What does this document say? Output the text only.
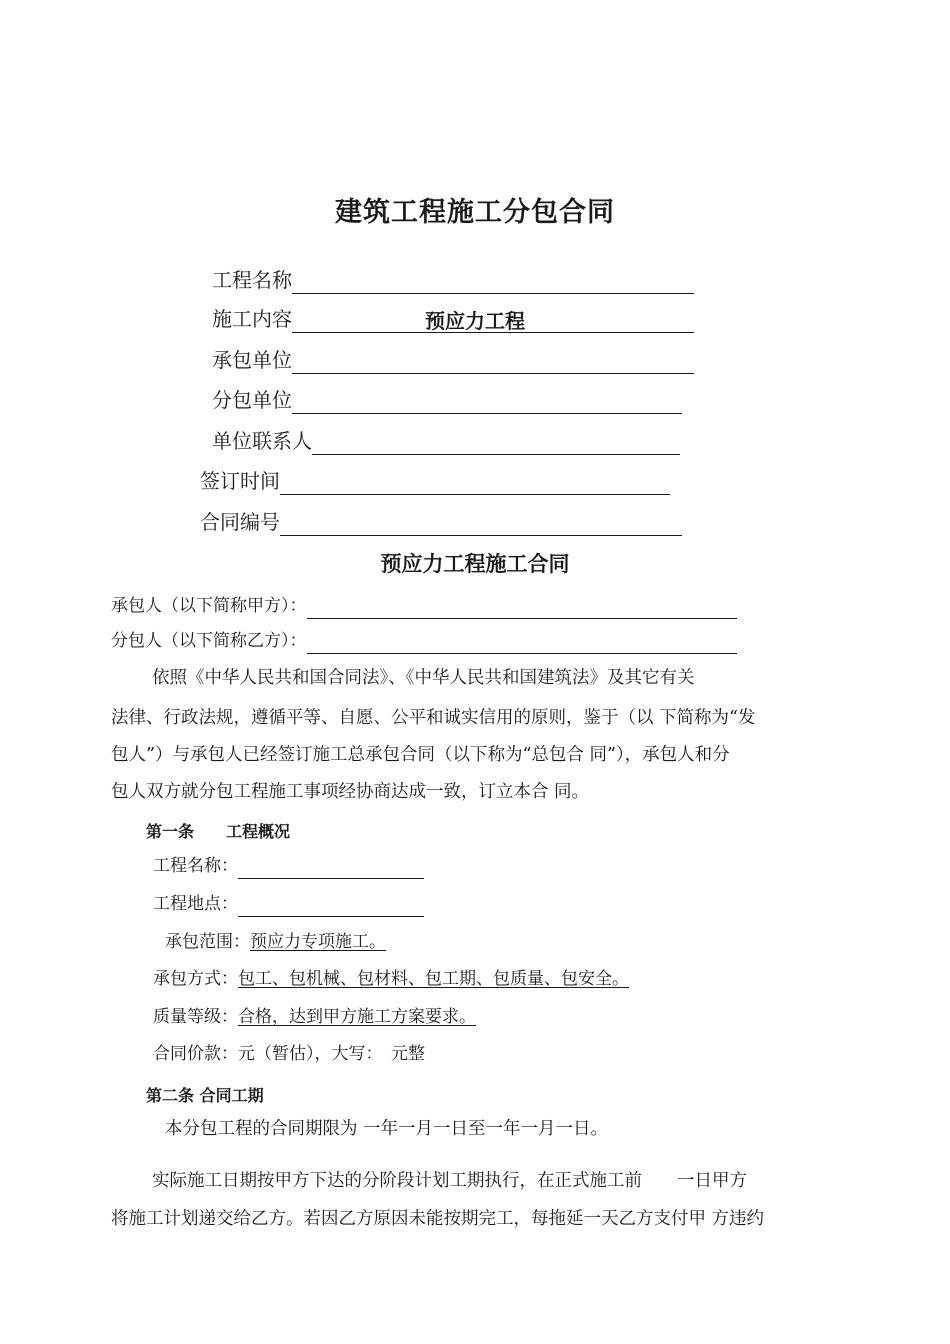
建筑工程施工分包合同
工程名称
施工内容	预应力工程
承包单位
分包单位
单位联系人
签订时间
合同编号
预应力工程施工合同
承包人（以下简称甲方）：
分包人（以下简称乙方）：
依照《中华人民共和国合同法》、《中华人民共和国建筑法》及其它有关
法律、行政法规，遵循平等、自愿、公平和诚实信用的原则，鉴于（以 下简称为“发
包人”）与承包人已经签订施工总承包合同（以下称为“总包合 同”），承包人和分
包人双方就分包工程施工事项经协商达成一致，订立本合 同。
第一条　　工程概况
工程名称：
工程地点：
承包范围： 预应力专项施工。
承包方式： 包工、包机械、包材料、包工期、包质量、包安全。
质量等级： 合格，达到甲方施工方案要求。
合同价款：元（暂估），大写：　元整
第二条 合同工期
本分包工程的合同期限为 一年一月一日至一年一月一日。
实际施工日期按甲方下达的分阶段计划工期执行，在正式施工前　　一日甲方
将施工计划递交给乙方。若因乙方原因未能按期完工，每拖延一天乙方支付甲 方违约
